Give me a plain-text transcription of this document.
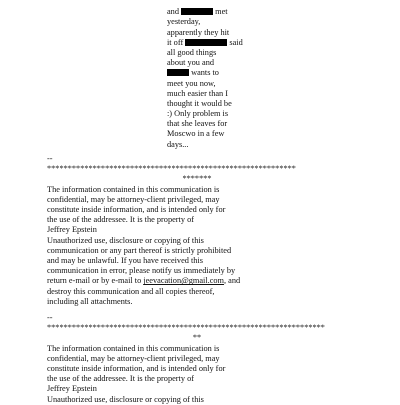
and	met
yesterday,
apparently they hit
it off	said
all good things
about you and
wants to
meet you now,
much easier than I
thought it would be
:) Only problem is
that she leaves for
Moscwo in a few
days...
--
************************************************************
*******
The information contained in this communication is
confidential, may be attorney-client privileged, may
constitute inside information, and is intended only for
the use of the addressee. It is the property of
Jeffrey Epstein
Unauthorized use, disclosure or copying of this
communication or any part thereof is strictly prohibited
and may be unlawful. If you have received this
communication in error, please notify us immediately by
return e-mail or by e-mail to jeevacation@gmail.com, and
destroy this communication and all copies thereof,
including all attachments.
--
*******************************************************************
**
The information contained in this communication is
confidential, may be attorney-client privileged, may
constitute inside information, and is intended only for
the use of the addressee. It is the property of
Jeffrey Epstein
Unauthorized use, disclosure or copying of this
